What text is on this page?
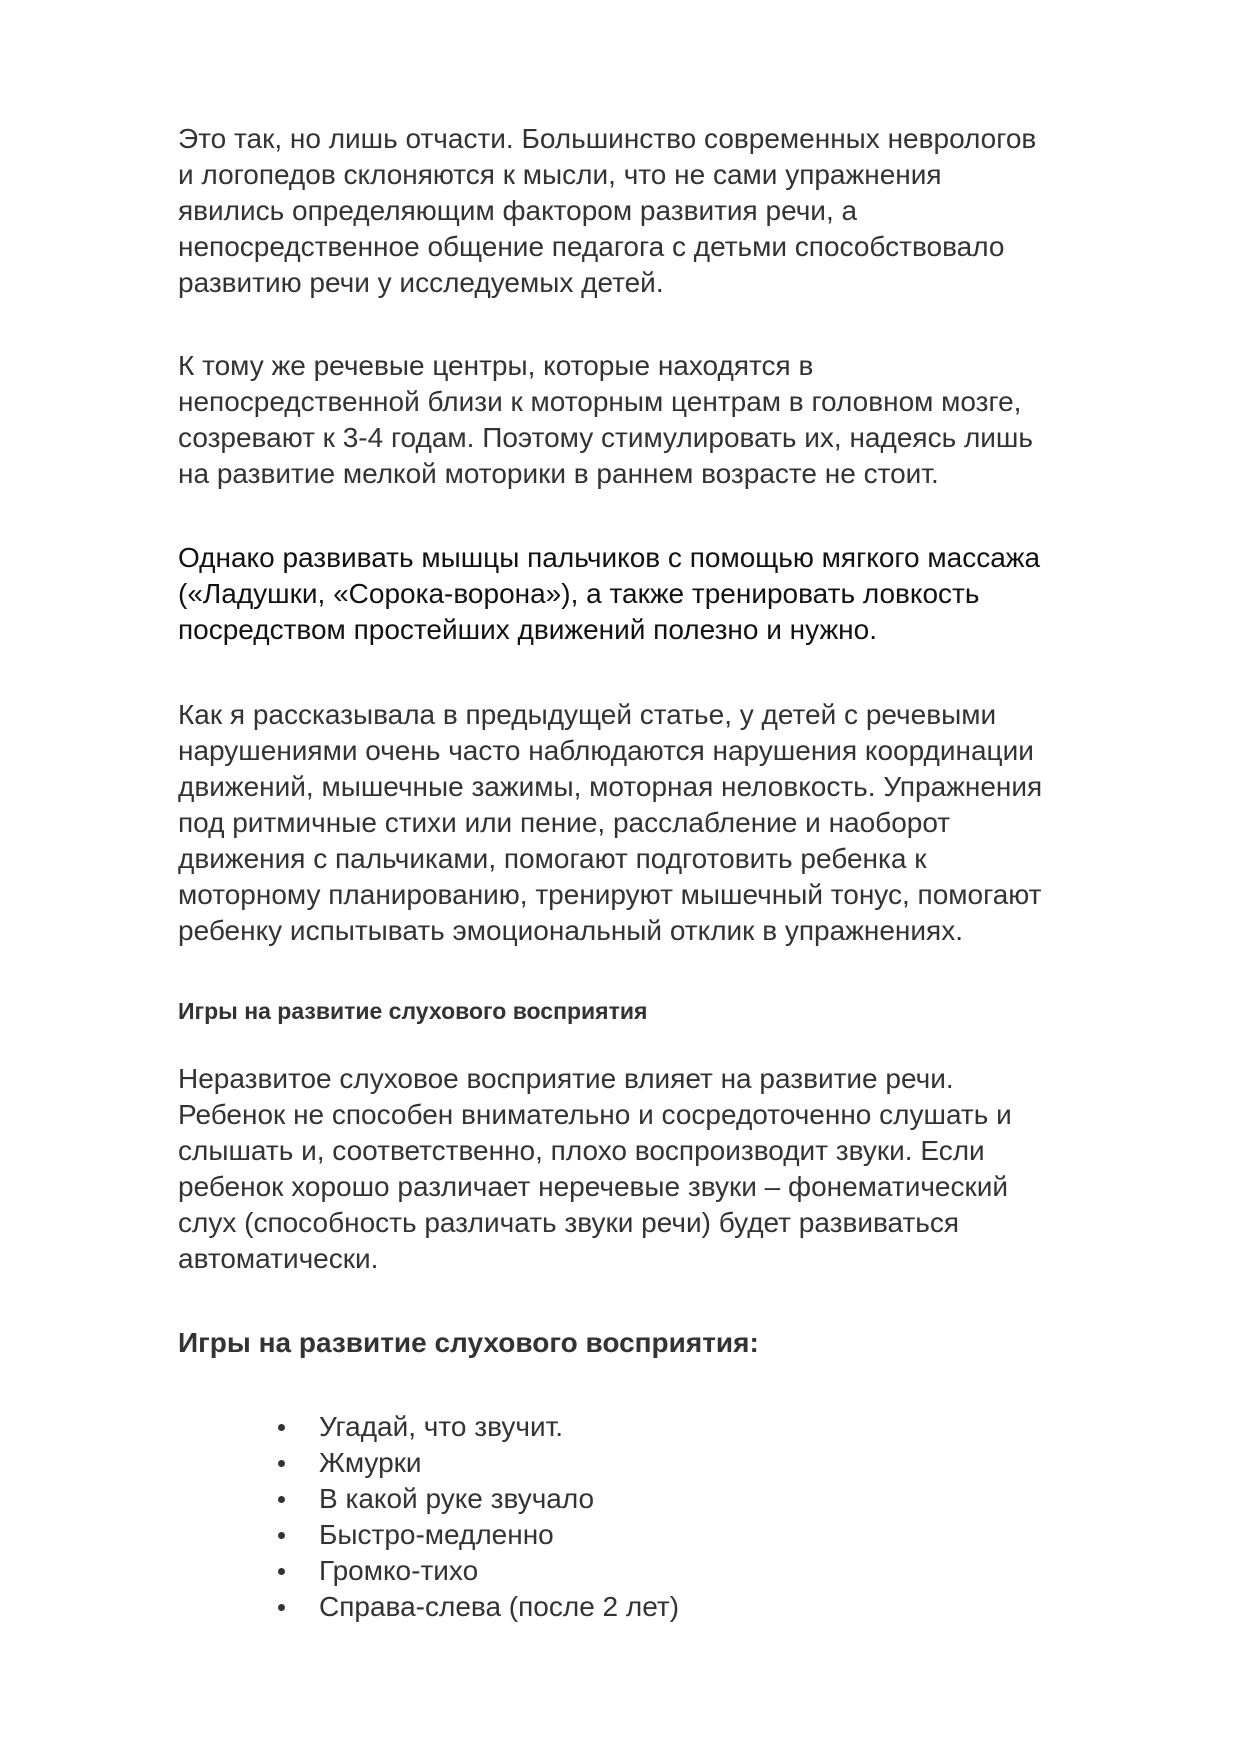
Это так, но лишь отчасти. Большинство современных неврологов
и логопедов склоняются к мысли, что не сами упражнения
явились определяющим фактором развития речи, а
непосредственное общение педагога с детьми способствовало
развитию речи у исследуемых детей.
К тому же речевые центры, которые находятся в
непосредственной близи к моторным центрам в головном мозге,
созревают к 3-4 годам. Поэтому стимулировать их, надеясь лишь
на развитие мелкой моторики в раннем возрасте не стоит.
Однако развивать мышцы пальчиков с помощью мягкого массажа
(«Ладушки, «Сорока-ворона»), а также тренировать ловкость
посредством простейших движений полезно и нужно.
Как я рассказывала в предыдущей статье, у детей с речевыми
нарушениями очень часто наблюдаются нарушения координации
движений, мышечные зажимы, моторная неловкость. Упражнения
под ритмичные стихи или пение, расслабление и наоборот
движения с пальчиками, помогают подготовить ребенка к
моторному планированию, тренируют мышечный тонус, помогают
ребенку испытывать эмоциональный отклик в упражнениях.
Игры на развитие слухового восприятия
Неразвитое слуховое восприятие влияет на развитие речи.
Ребенок не способен внимательно и сосредоточенно слушать и
слышать и, соответственно, плохо воспроизводит звуки. Если
ребенок хорошо различает неречевые звуки – фонематический
слух (способность различать звуки речи) будет развиваться
автоматически.
Игры на развитие слухового восприятия:
Угадай, что звучит.
Жмурки
В какой руке звучало
Быстро-медленно
Громко-тихо
Справа-слева (после 2 лет)
